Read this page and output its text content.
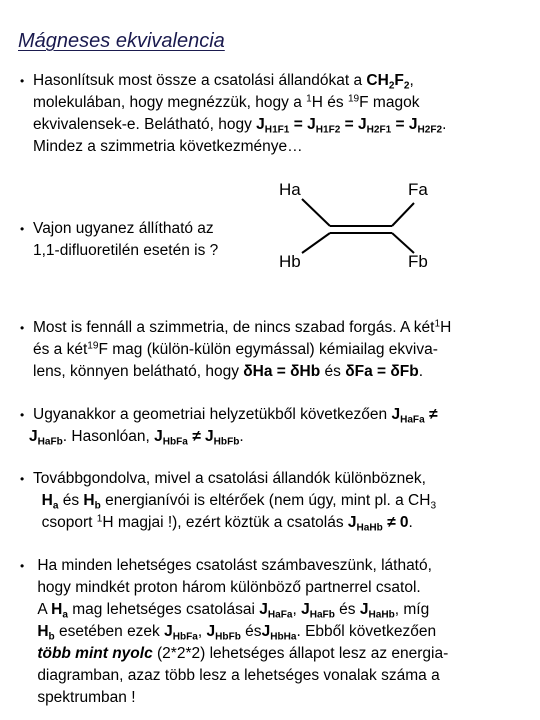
Mágneses ekvivalencia
• Hasonlítsuk most össze a csatolási állandókat a $CH_2F_2$,
molekulában, hogy megnézzük, hogy a $^1$H és $^{19}$F magok
ekvivalensek-e. Belátható, hogy $J_{H1F1} = J_{H1F2} = J_{H2F1} = J_{H2F2}$.
Mindez a szimmetria következménye…
Ha	Fa
Hb	Fb
• Vajon ugyanez állítható az
1,1-difluoretilén esetén is ?
• Most is fennáll a szimmetria, de nincs szabad forgás. A két$^1$H
és a két$^{19}$F mag (külön-külön egymással) kémiailag ekviva-
lens, könnyen belátható, hogy δHa = δHb és δFa = δFb.
• Ugyanakkor a geometriai helyzetükből következően $J_{HaFa}$ ≠
$J_{HaFb}$. Hasonlóan, $J_{HbFa} \ne J_{HbFb}$.
• Továbbgondolva, mivel a csatolási állandók különböznek,
$H_a$ és $H_b$ energianívói is eltérőek (nem úgy, mint pl. a $CH_3$
csoport $^1$H magjai !), ezért köztük a csatolás $J_{HaHb} \ne 0$.
• Ha minden lehetséges csatolást számbaveszünk, látható,
hogy mindkét proton három különböző partnerrel csatol.
A $H_a$ mag lehetséges csatolásai $J_{HaFa}$, $J_{HaFb}$ és $J_{HaHb}$, míg
$H_b$ esetében ezek $J_{HbFa}$, $J_{HbFb}$ ésJ$_{HbHa}$. Ebből következően
több mint nyolc (2*2*2) lehetséges állapot lesz az energia-
diagramban, azaz több lesz a lehetséges vonalak száma a
spektrumban !
